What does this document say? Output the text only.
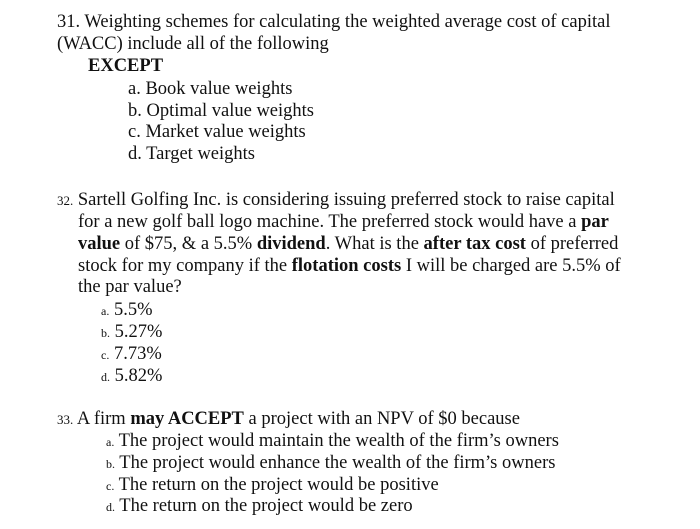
31. Weighting schemes for calculating the weighted average cost of capital
(WACC) include all of the following
EXCEPT
a. Book value weights
b. Optimal value weights
c. Market value weights
d. Target weights
32. Sartell Golfing Inc. is considering issuing preferred stock to raise capital
for a new golf ball logo machine. The preferred stock would have a par
value of $75, & a 5.5% dividend. What is the after tax cost of preferred
stock for my company if the flotation costs I will be charged are 5.5% of
the par value?
a. 5.5%
b. 5.27%
c. 7.73%
d. 5.82%
33. A firm may ACCEPT a project with an NPV of $0 because
a. The project would maintain the wealth of the firm’s owners
b. The project would enhance the wealth of the firm’s owners
c. The return on the project would be positive
d. The return on the project would be zero
